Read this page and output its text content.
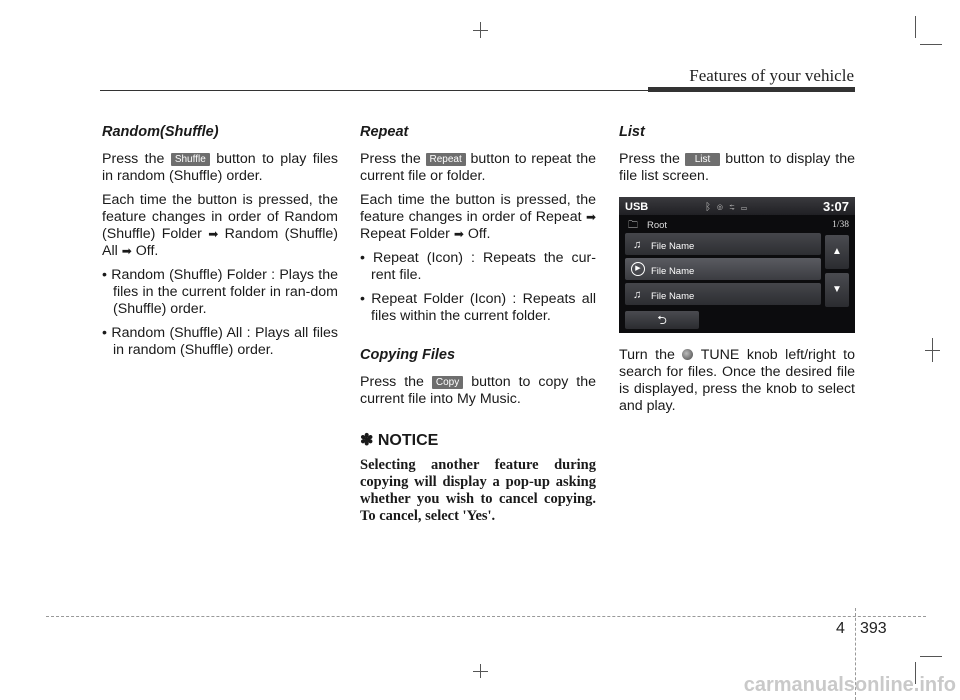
Features of your vehicle
Random(Shuffle)

Press the Shuffle button to play files in random (Shuffle) order.

Each time the button is pressed, the feature changes in order of Random (Shuffle) Folder ➡ Random (Shuffle) All ➡ Off.

• Random (Shuffle) Folder : Plays the files in the current folder in ran-dom (Shuffle) order.
• Random (Shuffle) All : Plays all files in random (Shuffle) order.
Repeat

Press the Repeat button to repeat the current file or folder.

Each time the button is pressed, the feature changes in order of Repeat ➡ Repeat Folder ➡ Off.

• Repeat (Icon) : Repeats the cur-rent file.
• Repeat Folder (Icon) : Repeats all files within the current folder.
Copying Files

Press the Copy button to copy the current file into My Music.

✽ NOTICE
Selecting another feature during copying will display a pop-up asking whether you wish to cancel copying. To cancel, select 'Yes'.
List

Press the List button to display the file list screen.

USB	ᛒ◎⇆▭	3:07
🗀 Root	1/38
♫ File Name
▶	File Name
♫ File Name
▲
▼
⮌

Turn the TUNE knob left/right to search for files. Once the desired file is displayed, press the knob to select and play.

4 393
carmanualsonline.info
